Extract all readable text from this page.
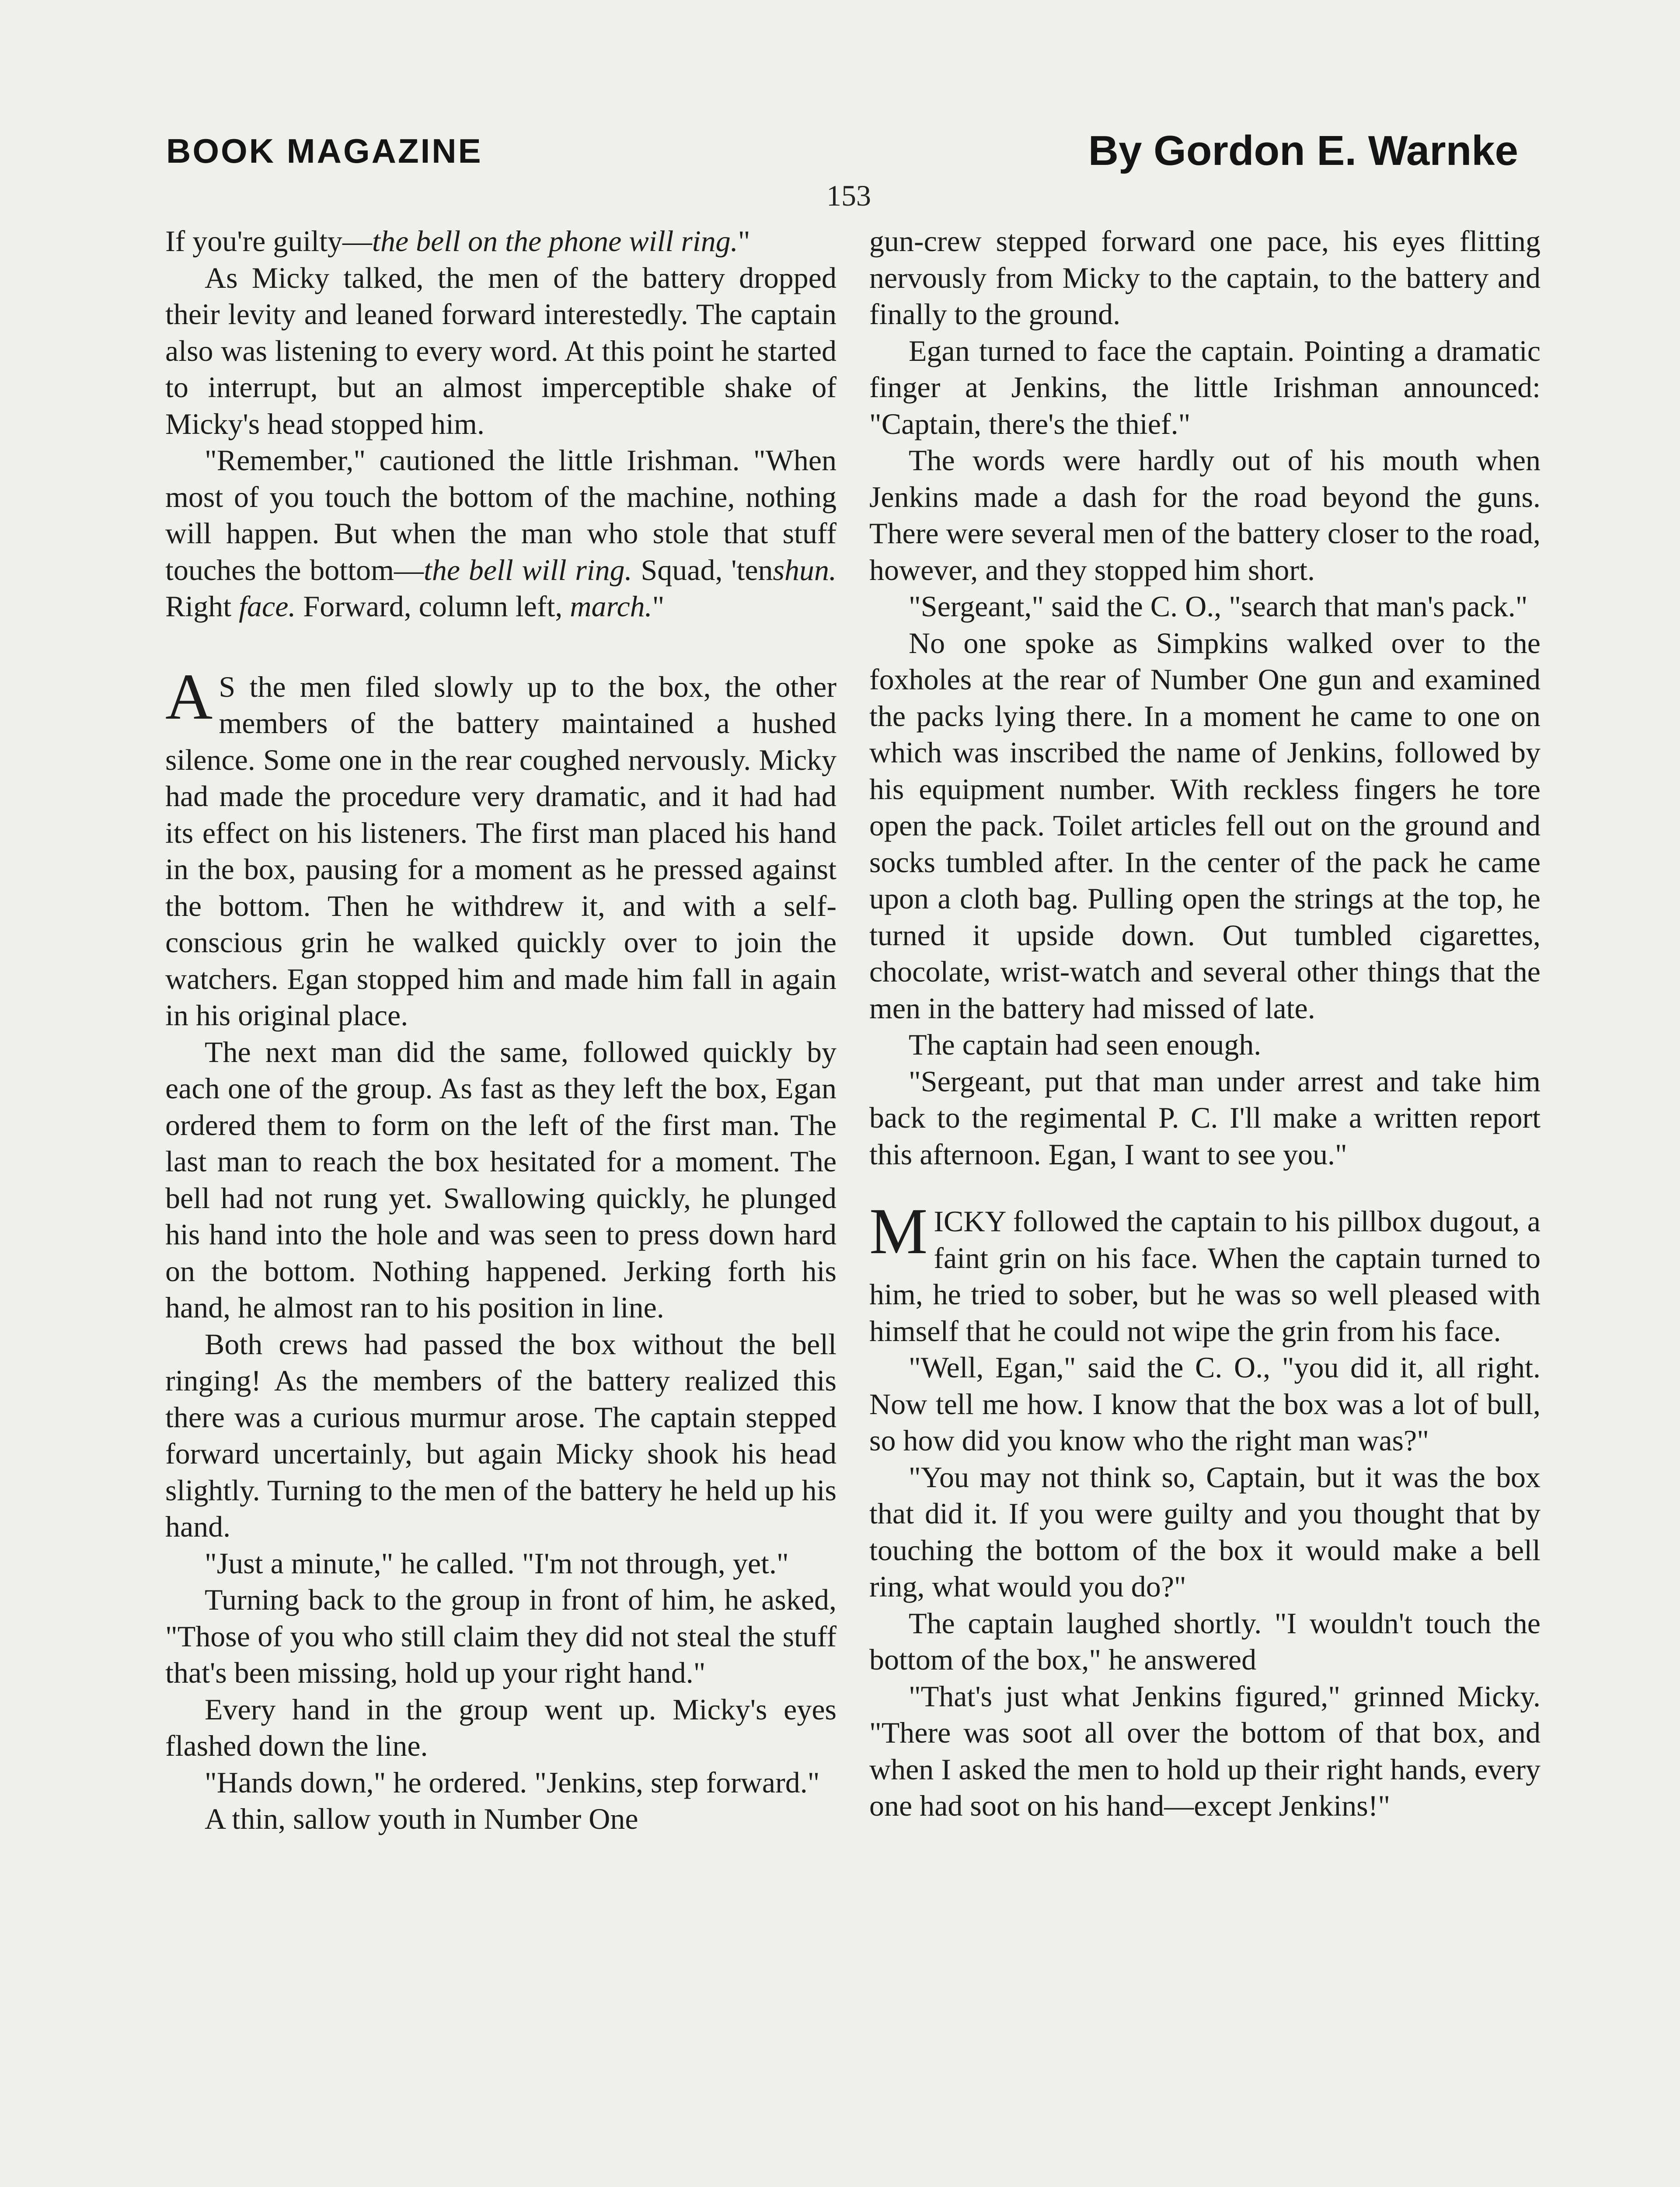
BOOK MAGAZINE	By Gordon E. Warnke
153

If you're guilty—the bell on the phone will ring."

As Micky talked, the men of the battery dropped their levity and leaned forward interestedly. The captain also was listening to every word. At this point he started to interrupt, but an almost imperceptible shake of Micky's head stopped him.

"Remember," cautioned the little Irishman. "When most of you touch the bottom of the machine, nothing will happen. But when the man who stole that stuff touches the bottom—the bell will ring. Squad, 'tenshun. Right face. Forward, column left, march."

A S the men filed slowly up to the box, the other members of the battery maintained a hushed silence. Some one in the rear coughed nervously. Micky had made the procedure very dramatic, and it had had its effect on his listeners. The first man placed his hand in the box, pausing for a moment as he pressed against the bottom. Then he withdrew it, and with a self-conscious grin he walked quickly over to join the watchers. Egan stopped him and made him fall in again in his original place.

The next man did the same, followed quickly by each one of the group. As fast as they left the box, Egan ordered them to form on the left of the first man. The last man to reach the box hesitated for a moment. The bell had not rung yet. Swallowing quickly, he plunged his hand into the hole and was seen to press down hard on the bottom. Nothing happened. Jerking forth his hand, he almost ran to his position in line.

Both crews had passed the box without the bell ringing! As the members of the battery realized this there was a curious murmur arose. The captain stepped forward uncertainly, but again Micky shook his head slightly. Turning to the men of the battery he held up his hand.

"Just a minute," he called. "I'm not through, yet."

Turning back to the group in front of him, he asked, "Those of you who still claim they did not steal the stuff that's been missing, hold up your right hand."

Every hand in the group went up. Micky's eyes flashed down the line.

"Hands down," he ordered. "Jenkins, step forward."

A thin, sallow youth in Number One

gun-crew stepped forward one pace, his eyes flitting nervously from Micky to the captain, to the battery and finally to the ground.

Egan turned to face the captain. Pointing a dramatic finger at Jenkins, the little Irishman announced: "Captain, there's the thief."

The words were hardly out of his mouth when Jenkins made a dash for the road beyond the guns. There were several men of the battery closer to the road, however, and they stopped him short.

"Sergeant," said the C. O., "search that man's pack."

No one spoke as Simpkins walked over to the foxholes at the rear of Number One gun and examined the packs lying there. In a moment he came to one on which was inscribed the name of Jenkins, followed by his equipment number. With reckless fingers he tore open the pack. Toilet articles fell out on the ground and socks tumbled after. In the center of the pack he came upon a cloth bag. Pulling open the strings at the top, he turned it upside down. Out tumbled cigarettes, chocolate, wrist-watch and several other things that the men in the battery had missed of late.

The captain had seen enough.

"Sergeant, put that man under arrest and take him back to the regimental P. C. I'll make a written report this afternoon. Egan, I want to see you."

MICKY followed the captain to his pillbox dugout, a faint grin on his face. When the captain turned to him, he tried to sober, but he was so well pleased with himself that he could not wipe the grin from his face.

"Well, Egan," said the C. O., "you did it, all right. Now tell me how. I know that the box was a lot of bull, so how did you know who the right man was?"

"You may not think so, Captain, but it was the box that did it. If you were guilty and you thought that by touching the bottom of the box it would make a bell ring, what would you do?"

The captain laughed shortly. "I wouldn't touch the bottom of the box," he answered

"That's just what Jenkins figured," grinned Micky. "There was soot all over the bottom of that box, and when I asked the men to hold up their right hands, every one had soot on his hand—except Jenkins!"
